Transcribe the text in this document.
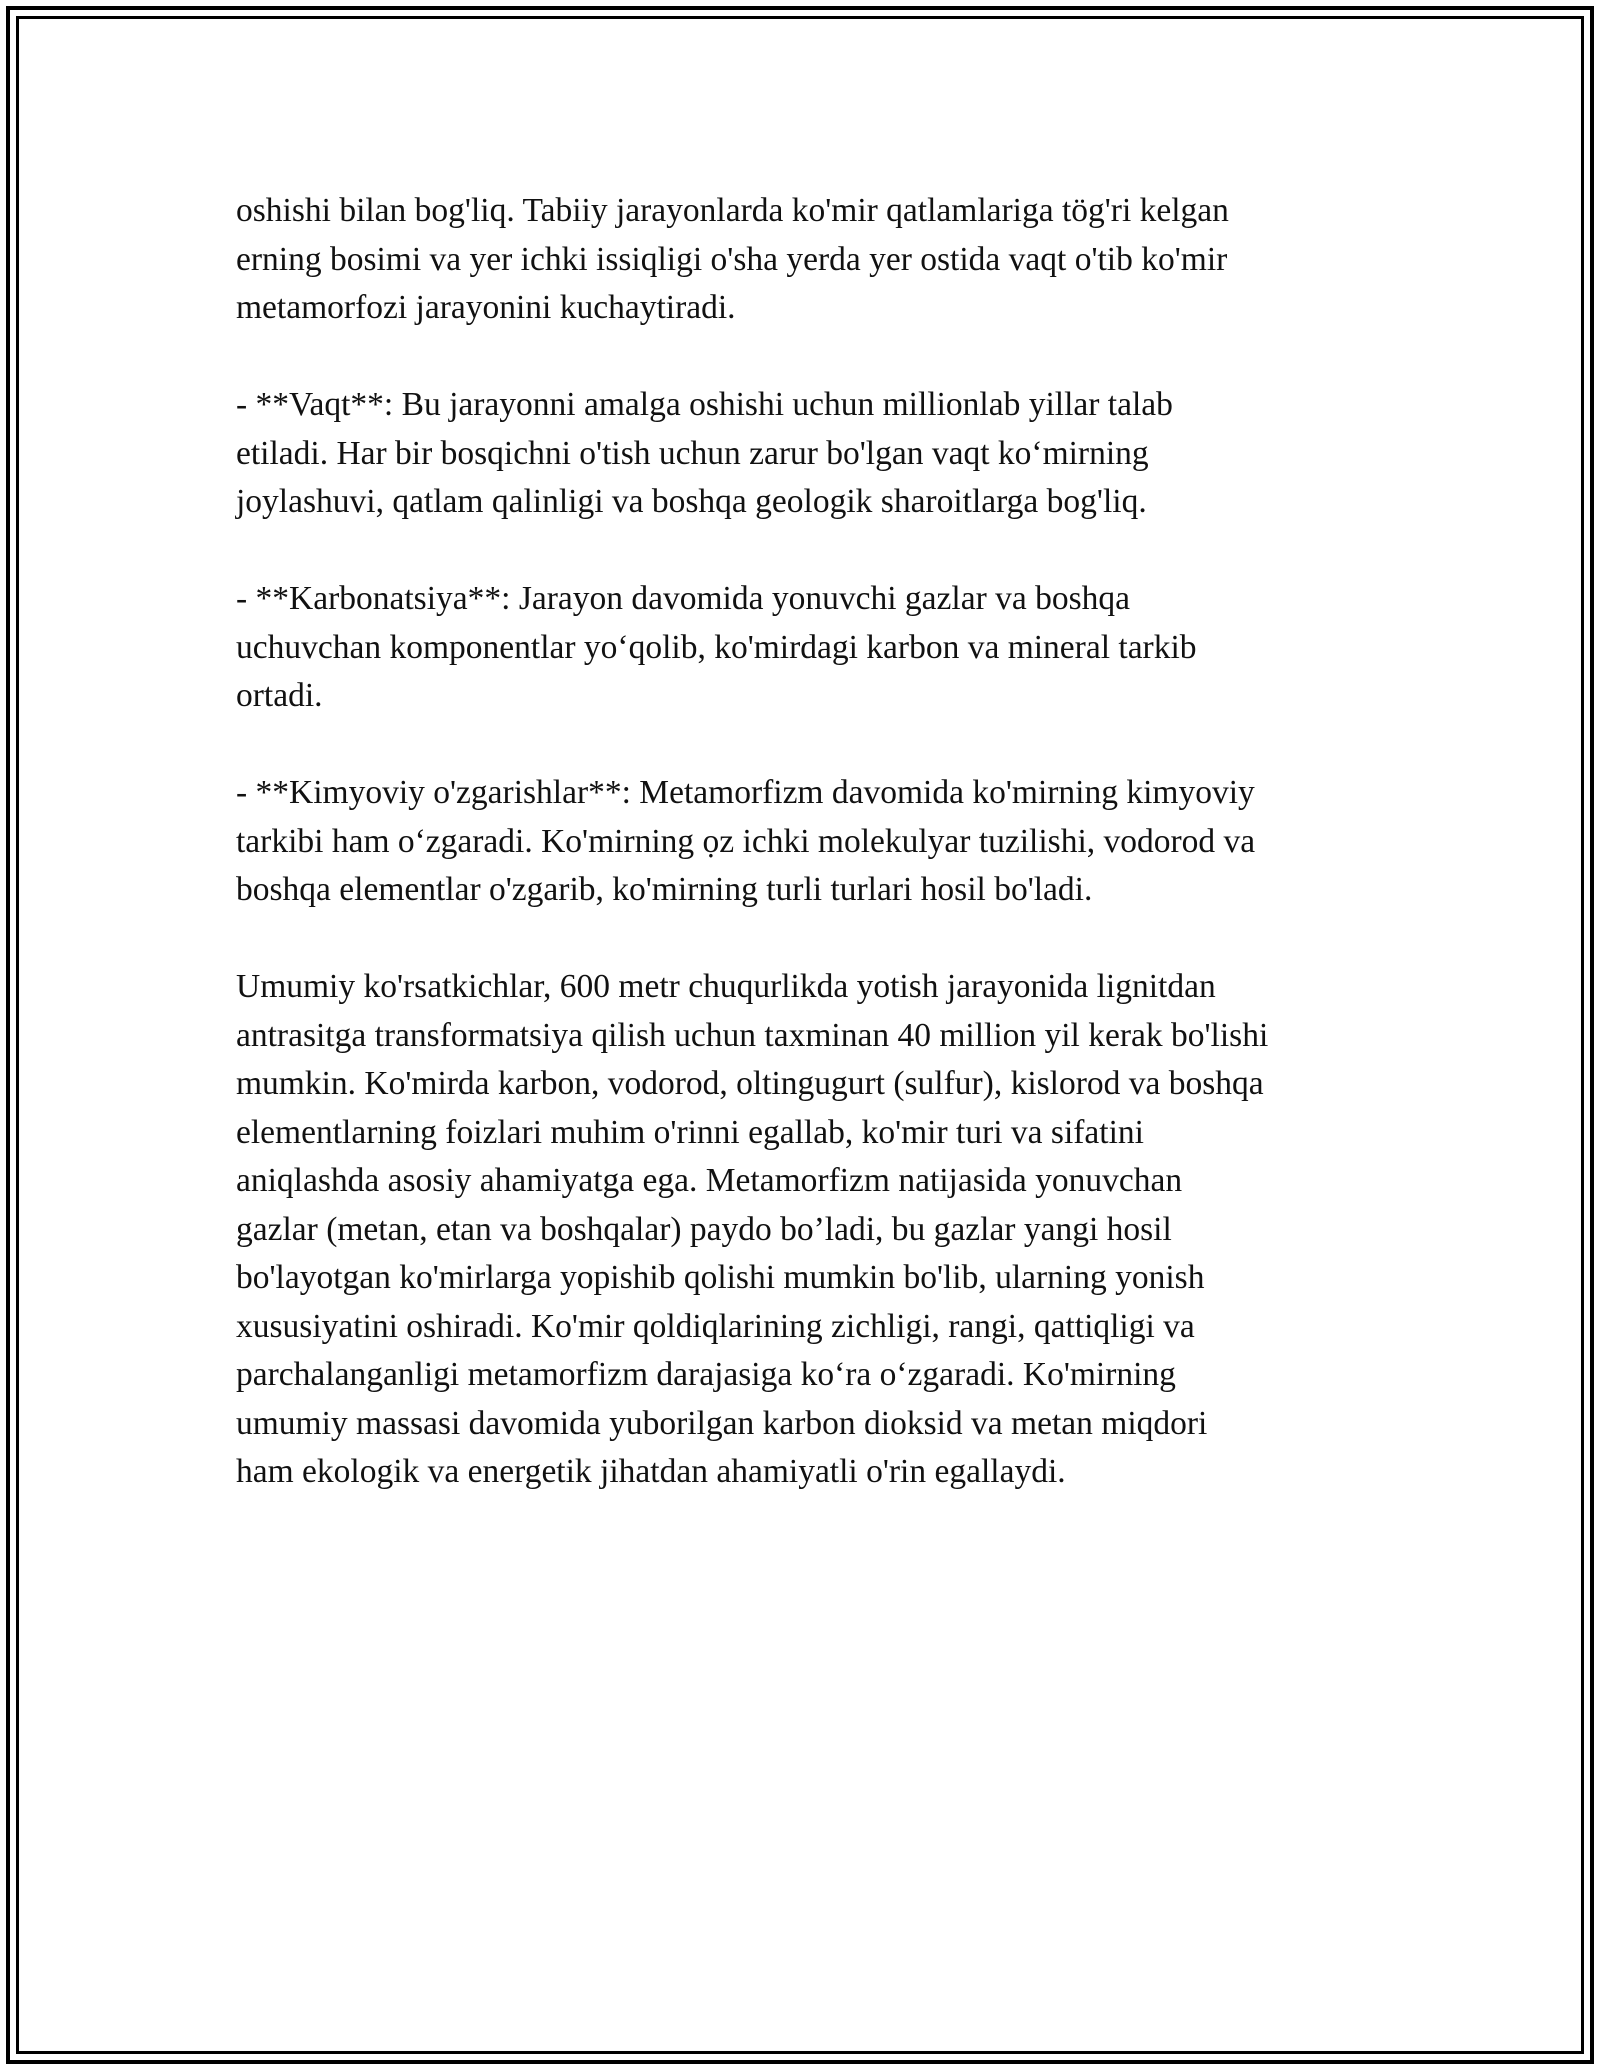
oshishi bilan bog'liq. Tabiiy jarayonlarda ko'mir qatlamlariga tög'ri kelgan
erning bosimi va yer ichki issiqligi o'sha yerda yer ostida vaqt o'tib ko'mir
metamorfozi jarayonini kuchaytiradi.

- **Vaqt**: Bu jarayonni amalga oshishi uchun millionlab yillar talab
etiladi. Har bir bosqichni o'tish uchun zarur bo'lgan vaqt ko‘mirning
joylashuvi, qatlam qalinligi va boshqa geologik sharoitlarga bog'liq.

- **Karbonatsiya**: Jarayon davomida yonuvchi gazlar va boshqa
uchuvchan komponentlar yo‘qolib, ko'mirdagi karbon va mineral tarkib
ortadi.

- **Kimyoviy o'zgarishlar**: Metamorfizm davomida ko'mirning kimyoviy
tarkibi ham o‘zgaradi. Ko'mirning ọz ichki molekulyar tuzilishi, vodorod va
boshqa elementlar o'zgarib, ko'mirning turli turlari hosil bo'ladi.

Umumiy ko'rsatkichlar, 600 metr chuqurlikda yotish jarayonida lignitdan
antrasitga transformatsiya qilish uchun taxminan 40 million yil kerak bo'lishi
mumkin. Ko'mirda karbon, vodorod, oltingugurt (sulfur), kislorod va boshqa
elementlarning foizlari muhim o'rinni egallab, ko'mir turi va sifatini
aniqlashda asosiy ahamiyatga ega. Metamorfizm natijasida yonuvchan
gazlar (metan, etan va boshqalar) paydo bo’ladi, bu gazlar yangi hosil
bo'layotgan ko'mirlarga yopishib qolishi mumkin bo'lib, ularning yonish
xususiyatini oshiradi. Ko'mir qoldiqlarining zichligi, rangi, qattiqligi va
parchalanganligi metamorfizm darajasiga ko‘ra o‘zgaradi. Ko'mirning
umumiy massasi davomida yuborilgan karbon dioksid va metan miqdori
ham ekologik va energetik jihatdan ahamiyatli o'rin egallaydi.
